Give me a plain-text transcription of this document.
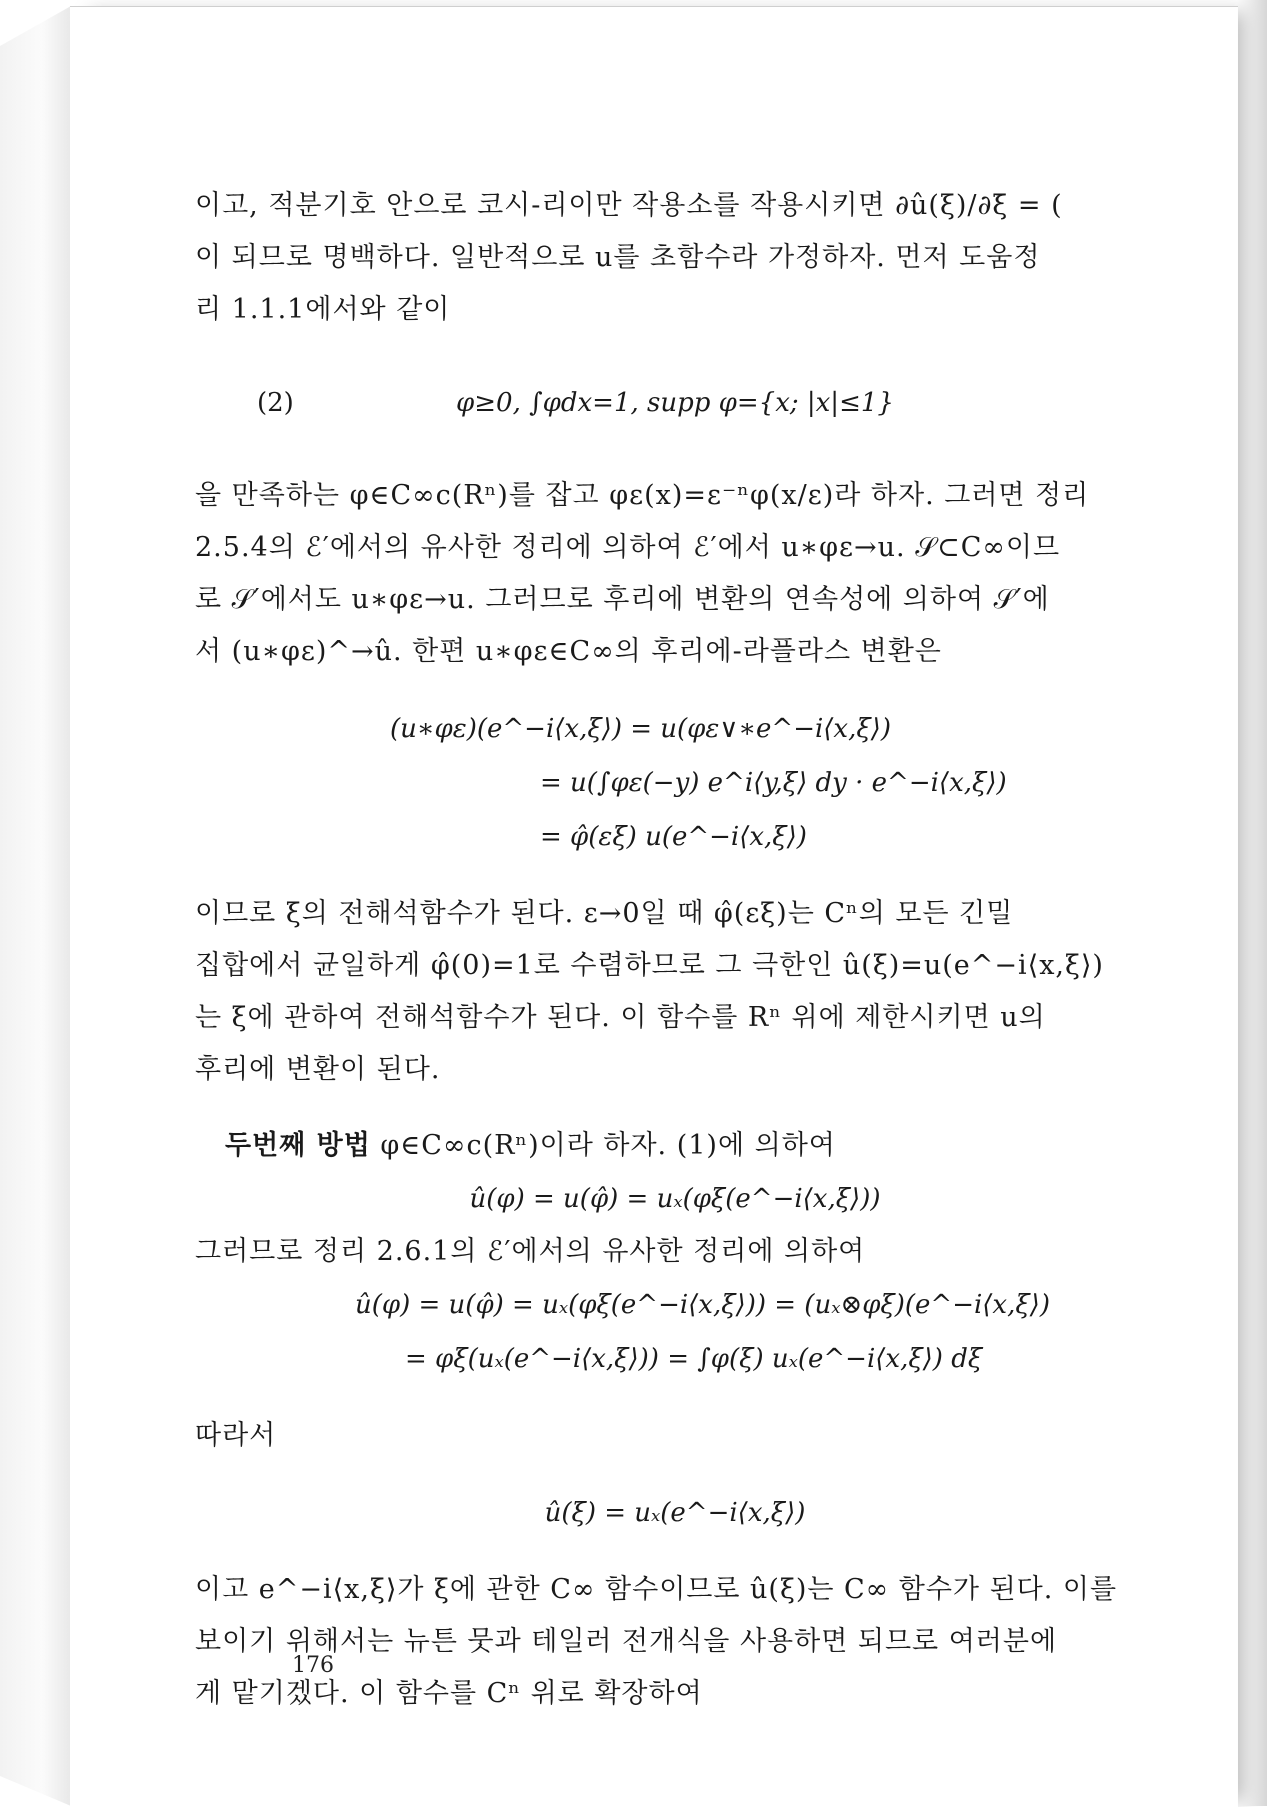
이고, 적분기호 안으로 코시-리이만 작용소를 작용시키면 ∂û(ξ)/∂ξ̄ = (

이 되므로 명백하다. 일반적으로 u를 초함수라 가정하자. 먼저 도움정

리 1.1.1에서와 같이

(2)	φ≥0, ∫φdx=1, supp φ={x; |x|≤1}

을 만족하는 φ∈C∞c(Rⁿ)를 잡고 φε(x)=ε⁻ⁿφ(x/ε)라 하자. 그러면 정리

2.5.4의 ℰ′에서의 유사한 정리에 의하여 ℰ′에서 u∗φε→u. 𝒮⊂C∞이므

로 𝒮′에서도 u∗φε→u. 그러므로 후리에 변환의 연속성에 의하여 𝒮′에

서 (u∗φε)^→û. 한편 u∗φε∈C∞의 후리에-라플라스 변환은

(u∗φε)(e^−i⟨x,ξ⟩) = u(φε∨∗e^−i⟨x,ξ⟩)
= u(∫φε(−y) e^i⟨y,ξ⟩ dy · e^−i⟨x,ξ⟩)
= φ̂(εξ) u(e^−i⟨x,ξ⟩)

이므로 ξ의 전해석함수가 된다. ε→0일 때 φ̂(εξ)는 Cⁿ의 모든 긴밀

집합에서 균일하게 φ̂(0)=1로 수렴하므로 그 극한인 û(ξ)=u(e^−i⟨x,ξ⟩)

는 ξ에 관하여 전해석함수가 된다. 이 함수를 Rⁿ 위에 제한시키면 u의

후리에 변환이 된다.

두번째 방법 φ∈C∞c(Rⁿ)이라 하자. (1)에 의하여

û(φ) = u(φ̂) = uₓ(φξ(e^−i⟨x,ξ⟩))

그러므로 정리 2.6.1의 ℰ′에서의 유사한 정리에 의하여

û(φ) = u(φ̂) = uₓ(φξ(e^−i⟨x,ξ⟩)) = (uₓ⊗φξ)(e^−i⟨x,ξ⟩)
= φξ(uₓ(e^−i⟨x,ξ⟩)) = ∫φ(ξ) uₓ(e^−i⟨x,ξ⟩) dξ

따라서

û(ξ) = uₓ(e^−i⟨x,ξ⟩)

이고 e^−i⟨x,ξ⟩가 ξ에 관한 C∞ 함수이므로 û(ξ)는 C∞ 함수가 된다. 이를

보이기 위해서는 뉴튼 뭇과 테일러 전개식을 사용하면 되므로 여러분에

게 맡기겠다. 이 함수를 Cⁿ 위로 확장하여

176
